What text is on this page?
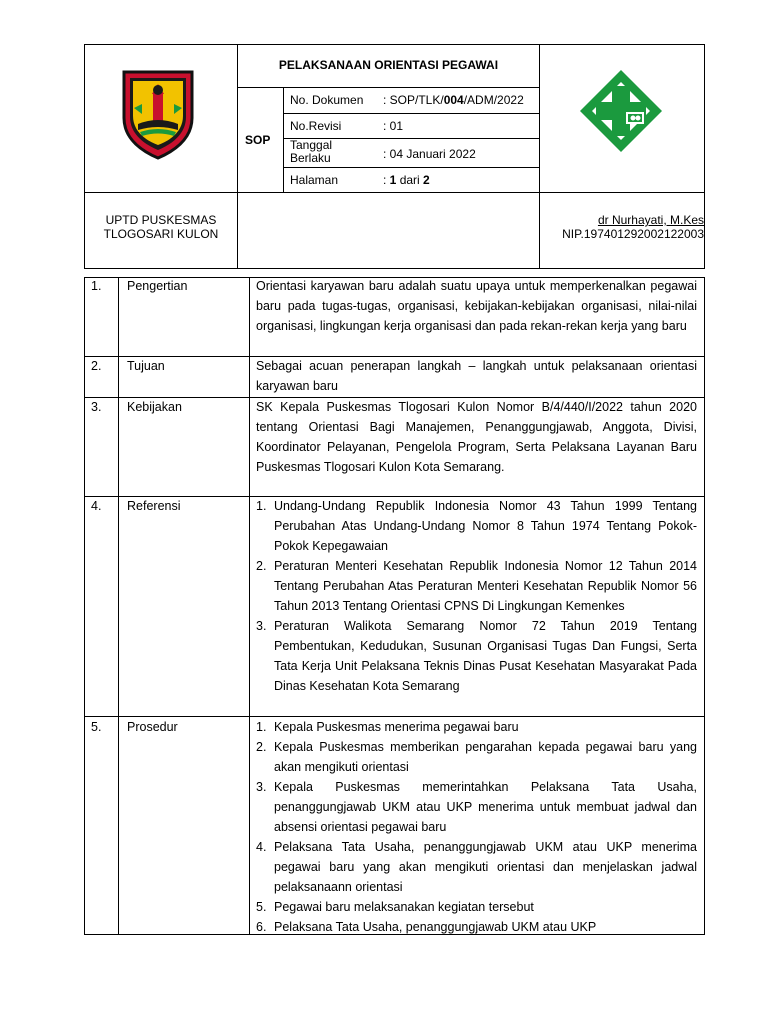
PELAKSANAAN ORIENTASI PEGAWAI
SOP
No. Dokumen : SOP/TLK/004/ADM/2022
No.Revisi	: 01
Tanggal
Berlaku	: 04 Januari 2022
Halaman	: 1 dari 2
UPTD PUSKESMAS
TLOGOSARI KULON
dr Nurhayati, M.Kes
NIP.197401292002122003
1. Pengertian	Orientasi karyawan baru adalah suatu upaya untuk memperkenalkan pegawai baru pada tugas-tugas, organisasi, kebijakan-kebijakan organisasi, nilai-nilai organisasi, lingkungan kerja organisasi dan pada rekan-rekan kerja yang baru
2. Tujuan	Sebagai acuan penerapan langkah – langkah untuk pelaksanaan orientasi karyawan baru
3. Kebijakan	SK Kepala Puskesmas Tlogosari Kulon Nomor B/4/440/I/2022 tahun 2020 tentang Orientasi Bagi Manajemen, Penanggungjawab, Anggota, Divisi, Koordinator Pelayanan, Pengelola Program, Serta Pelaksana Layanan Baru Puskesmas Tlogosari Kulon Kota Semarang.
4. Referensi	1. Undang-Undang Republik Indonesia Nomor 43 Tahun 1999 Tentang Perubahan Atas Undang-Undang Nomor 8 Tahun 1974 Tentang Pokok-Pokok Kepegawaian
2. Peraturan Menteri Kesehatan Republik Indonesia Nomor 12 Tahun 2014 Tentang Perubahan Atas Peraturan Menteri Kesehatan Republik Nomor 56 Tahun 2013 Tentang Orientasi CPNS Di Lingkungan Kemenkes
3. Peraturan Walikota Semarang Nomor 72 Tahun 2019 Tentang Pembentukan, Kedudukan, Susunan Organisasi Tugas Dan Fungsi, Serta Tata Kerja Unit Pelaksana Teknis Dinas Pusat Kesehatan Masyarakat Pada Dinas Kesehatan Kota Semarang
5. Prosedur	1. Kepala Puskesmas menerima pegawai baru
2. Kepala Puskesmas memberikan pengarahan kepada pegawai baru yang akan mengikuti orientasi
3. Kepala Puskesmas memerintahkan Pelaksana Tata Usaha, penanggungjawab UKM atau UKP menerima untuk membuat jadwal dan absensi orientasi pegawai baru
4. Pelaksana Tata Usaha, penanggungjawab UKM atau UKP menerima pegawai baru yang akan mengikuti orientasi dan menjelaskan jadwal pelaksanaann orientasi
5. Pegawai baru melaksanakan kegiatan tersebut
6. Pelaksana Tata Usaha, penanggungjawab UKM atau UKP
